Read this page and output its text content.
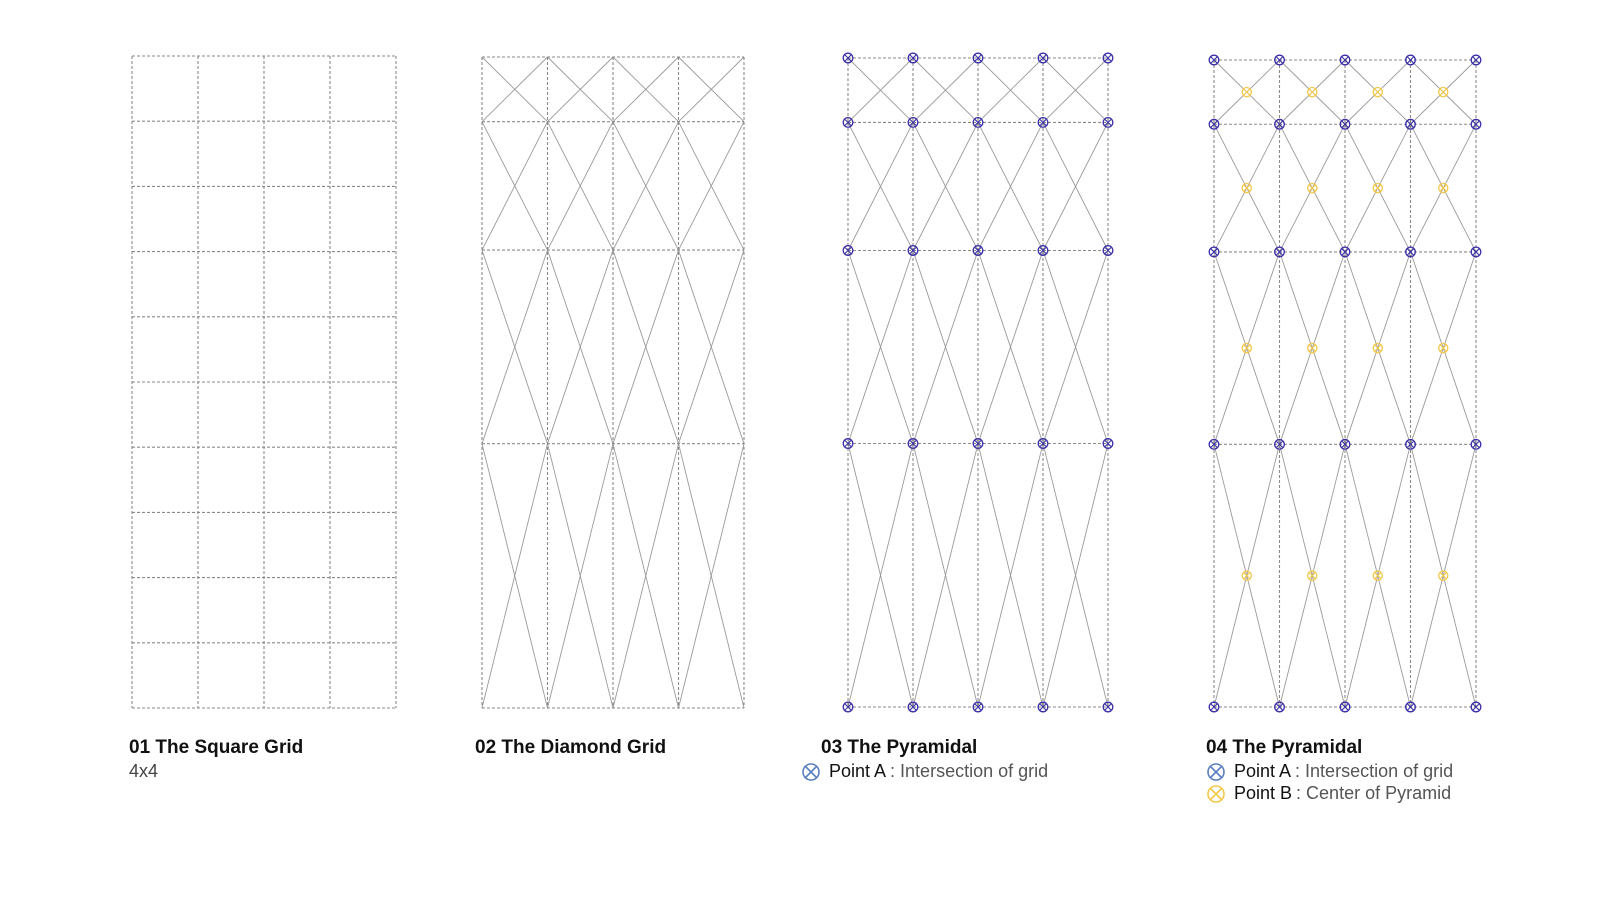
01 The Square Grid
4x4
02 The Diamond Grid	03 The Pyramidal
Point A : Intersection of grid
04 The Pyramidal
Point A : Intersection of grid
Point B : Center of Pyramid
